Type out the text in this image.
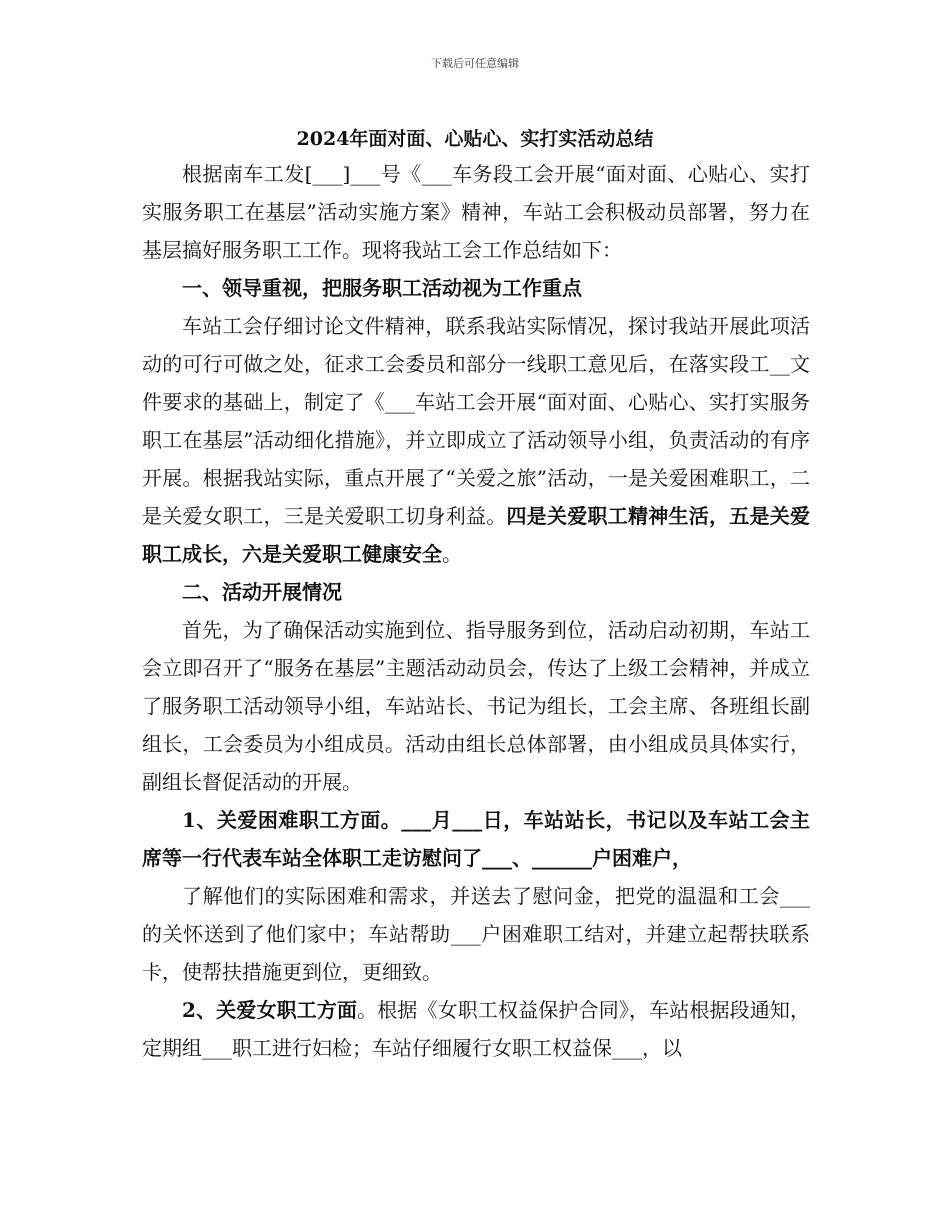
下载后可任意编辑
2024年面对面、心贴心、实打实活动总结

根据南车工发[___]___号《___车务段工会开展“面对面、心贴心、实打实服务职工在基层”活动实施方案》精神，车站工会积极动员部署，努力在基层搞好服务职工工作。现将我站工会工作总结如下：

一、领导重视，把服务职工活动视为工作重点

车站工会仔细讨论文件精神，联系我站实际情况，探讨我站开展此项活动的可行可做之处，征求工会委员和部分一线职工意见后，在落实段工__文件要求的基础上，制定了《___车站工会开展“面对面、心贴心、实打实服务职工在基层”活动细化措施》，并立即成立了活动领导小组，负责活动的有序开展。根据我站实际，重点开展了“关爱之旅”活动，一是关爱困难职工，二是关爱女职工，三是关爱职工切身利益。四是关爱职工精神生活，五是关爱职工成长，六是关爱职工健康安全。

二、活动开展情况

首先，为了确保活动实施到位、指导服务到位，活动启动初期，车站工会立即召开了“服务在基层”主题活动动员会，传达了上级工会精神，并成立了服务职工活动领导小组，车站站长、书记为组长，工会主席、各班组长副组长，工会委员为小组成员。活动由组长总体部署，由小组成员具体实行，副组长督促活动的开展。

1、关爱困难职工方面。___月___日，车站站长，书记以及车站工会主席等一行代表车站全体职工走访慰问了___、______户困难户，

了解他们的实际困难和需求，并送去了慰问金，把党的温温和工会___的关怀送到了他们家中；车站帮助___户困难职工结对，并建立起帮扶联系卡，使帮扶措施更到位，更细致。

2、关爱女职工方面。根据《女职工权益保护合同》，车站根据段通知，定期组___职工进行妇检；车站仔细履行女职工权益保___，以
